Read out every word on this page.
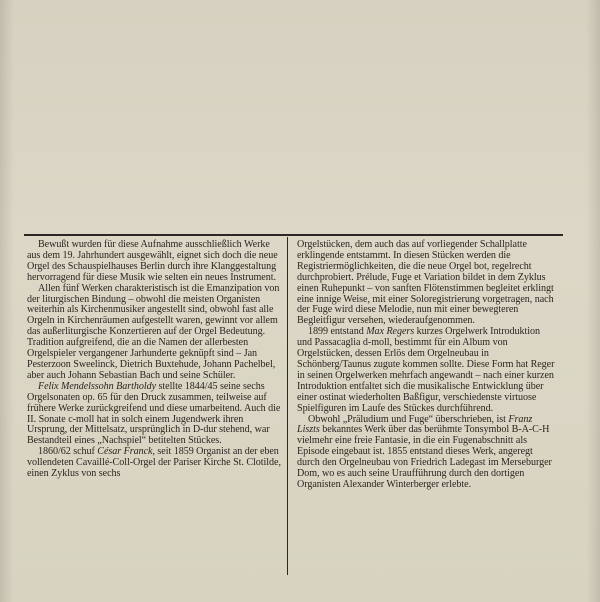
Bewußt wurden für diese Aufnahme ausschließlich Werke aus dem 19. Jahrhundert ausgewählt, eignet sich doch die neue Orgel des Schauspielhauses Berlin durch ihre Klanggestaltung hervorragend für diese Musik wie selten ein neues Instrument.

Allen fünf Werken charakteristisch ist die Emanzipation von der liturgischen Bindung – obwohl die meisten Organisten weiterhin als Kirchenmusiker angestellt sind, obwohl fast alle Orgeln in Kirchenräumen aufgestellt waren, gewinnt vor allem das außerliturgische Konzertieren auf der Orgel Bedeutung. Tradition aufgreifend, die an die Namen der allerbesten Orgelspieler vergangener Jarhunderte geknüpft sind – Jan Pesterzoon Sweelinck, Dietrich Buxtehude, Johann Pachelbel, aber auch Johann Sebastian Bach und seine Schüler.

Felix Mendelssohn Bartholdy stellte 1844/45 seine sechs Orgelsonaten op. 65 für den Druck zusammen, teilweise auf frühere Werke zurückgreifend und diese umarbeitend. Auch die II. Sonate c-moll hat in solch einem Jugendwerk ihren Ursprung, der Mittelsatz, ursprünglich in D-dur stehend, war Bestandteil eines „Nachspiel“ betitelten Stückes.

1860/62 schuf César Franck, seit 1859 Organist an der eben vollendeten Cavaillé-Coll-Orgel der Pariser Kirche St. Clotilde, einen Zyklus von sechs

Orgelstücken, dem auch das auf vorliegender Schallplatte erklingende entstammt. In diesen Stücken werden die Registriermöglichkeiten, die die neue Orgel bot, regelrecht durchprobiert. Prélude, Fuge et Variation bildet in dem Zyklus einen Ruhepunkt – von sanften Flötenstimmen begleitet erklingt eine innige Weise, mit einer Soloregistrierung vorgetragen, nach der Fuge wird diese Melodie, nun mit einer bewegteren Begleitfigur versehen, wiederaufgenommen.

1899 entstand Max Regers kurzes Orgelwerk Introduktion und Passacaglia d-moll, bestimmt für ein Album von Orgelstücken, dessen Erlös dem Orgelneubau in Schönberg/Taunus zugute kommen sollte. Diese Form hat Reger in seinen Orgelwerken mehrfach angewandt – nach einer kurzen Introduktion entfaltet sich die musikalische Entwicklung über einer ostinat wiederholten Baßfigur, verschiedenste virtuose Spielfiguren im Laufe des Stückes durchführend.

Obwohl „Präludium und Fuge“ überschrieben, ist Franz Liszts bekanntes Werk über das berühmte Tonsymbol B-A-C-H vielmehr eine freie Fantasie, in die ein Fugenabschnitt als Episode eingebaut ist. 1855 entstand dieses Werk, angeregt durch den Orgelneubau von Friedrich Ladegast im Merseburger Dom, wo es auch seine Uraufführung durch den dortigen Organisten Alexander Winterberger erlebte.
